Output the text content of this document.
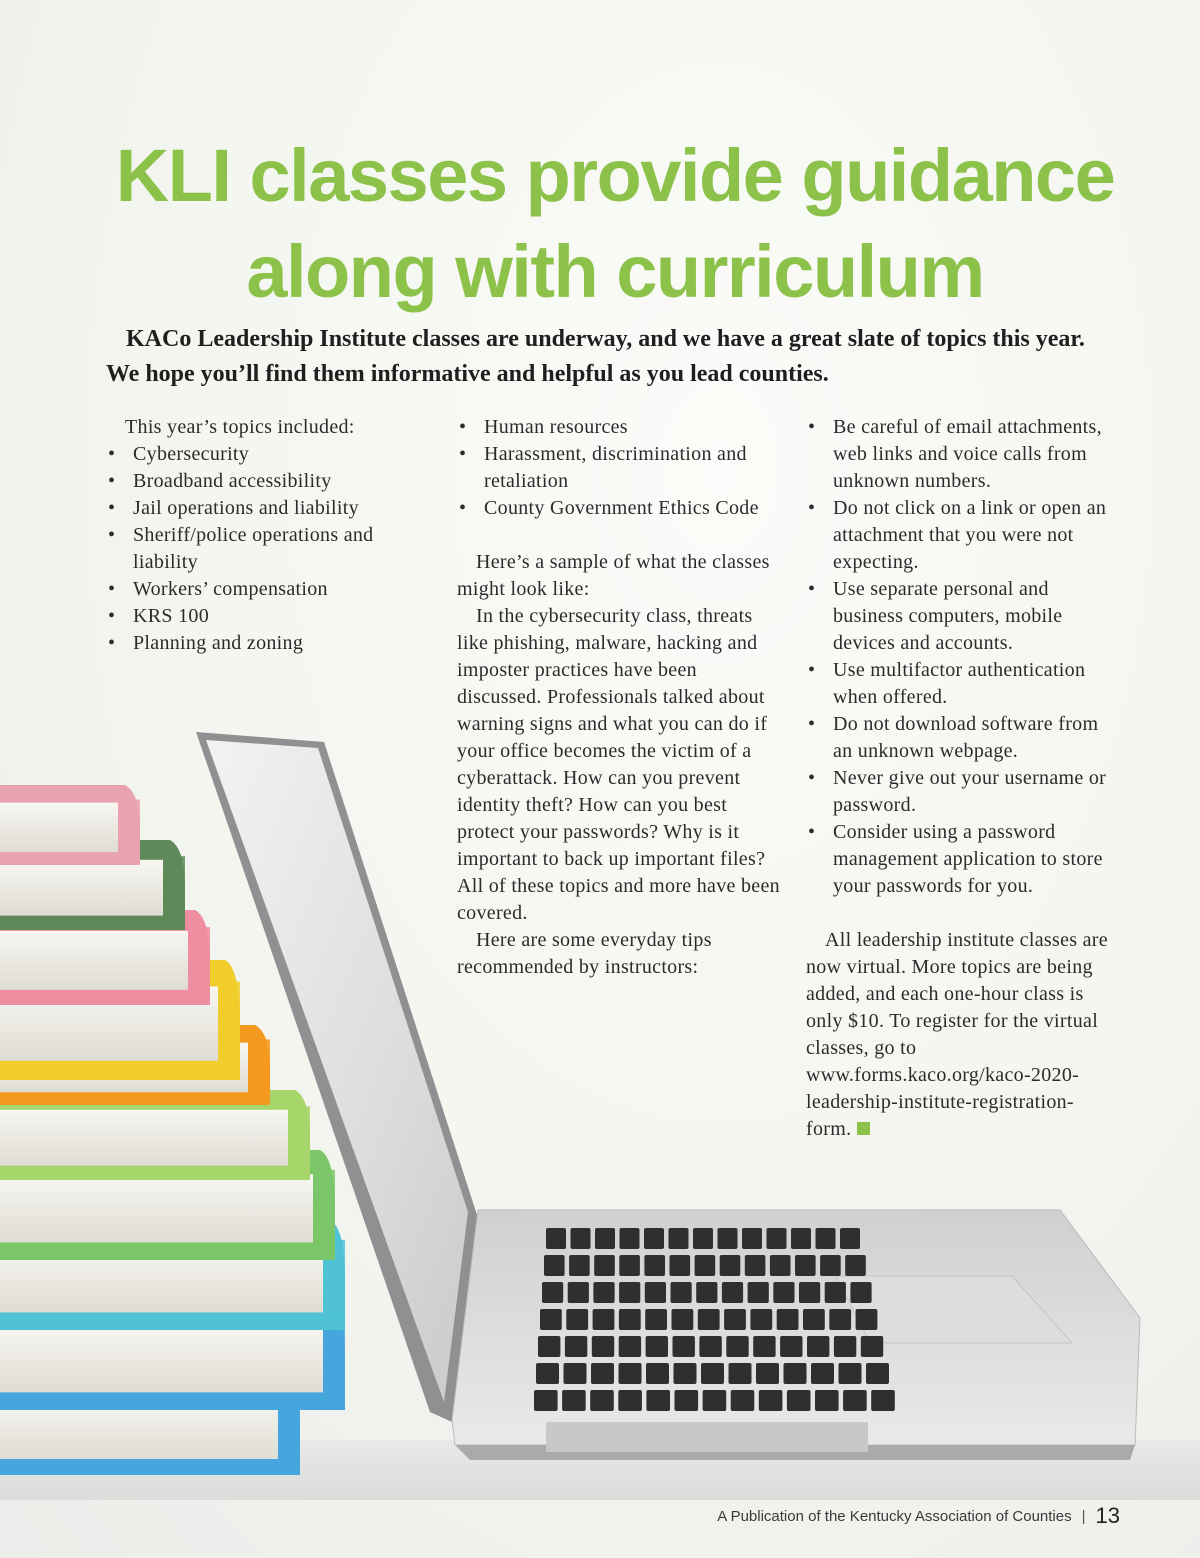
KLI classes provide guidance
along with curriculum

KACo Leadership Institute classes are underway, and we have a great slate of topics this year. We hope you’ll find them informative and helpful as you lead counties.

This year’s topics included:

• Cybersecurity
• Broadband accessibility
• Jail operations and liability
• Sheriff/police operations and liability
• Workers’ compensation
• KRS 100
• Planning and zoning
• Human resources
• Harassment, discrimination and retaliation
• County Government Ethics Code

Here’s a sample of what the classes might look like:

In the cybersecurity class, threats like phishing, malware, hacking and imposter practices have been discussed. Professionals talked about warning signs and what you can do if your office becomes the victim of a cyberattack. How can you prevent identity theft? How can you best protect your passwords? Why is it important to back up important files? All of these topics and more have been covered.

Here are some everyday tips recommended by instructors:

• Be careful of email attachments, web links and voice calls from unknown numbers.
• Do not click on a link or open an attachment that you were not expecting.
• Use separate personal and business computers, mobile devices and accounts.
• Use multifactor authentication when offered.
• Do not download software from an unknown webpage.
• Never give out your username or password.
• Consider using a password management application to store your passwords for you.

All leadership institute classes are now virtual. More topics are being added, and each one-hour class is only $10. To register for the virtual classes, go to www.forms.kaco.org/kaco-2020-leadership-institute-registration-form.

A Publication of the Kentucky Association of Counties | 13
